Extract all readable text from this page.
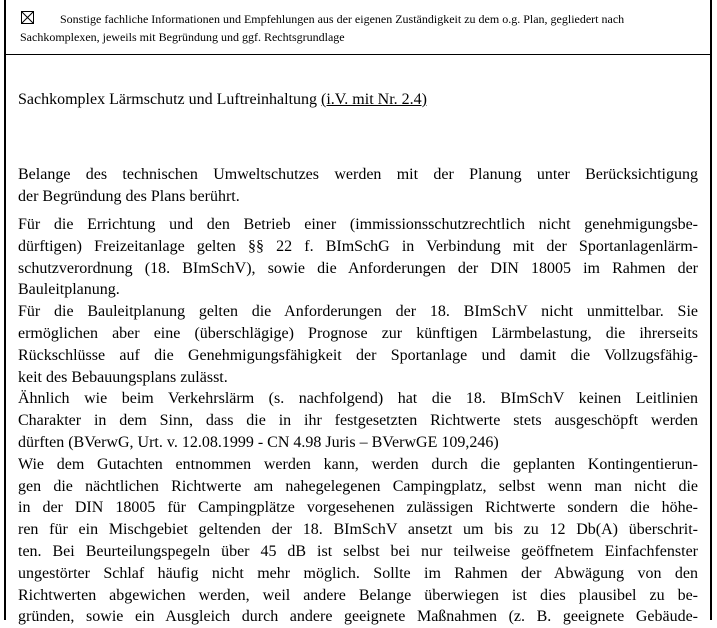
Sonstige fachliche Informationen und Empfehlungen aus der eigenen Zuständigkeit zu dem o.g. Plan, gegliedert nach
Sachkomplexen, jeweils mit Begründung und ggf. Rechtsgrundlage
Sachkomplex Lärmschutz und Luftreinhaltung (i.V. mit Nr. 2.4)
Belange des technischen Umweltschutzes werden mit der Planung unter Berücksichtigung
der Begründung des Plans berührt.
Für die Errichtung und den Betrieb einer (immissionsschutzrechtlich nicht genehmigungsbe-
dürftigen) Freizeitanlage gelten §§ 22 f. BImSchG in Verbindung mit der Sportanlagenlärm-
schutzverordnung (18. BImSchV), sowie die Anforderungen der DIN 18005 im Rahmen der
Bauleitplanung.
Für die Bauleitplanung gelten die Anforderungen der 18. BImSchV nicht unmittelbar. Sie
ermöglichen aber eine (überschlägige) Prognose zur künftigen Lärmbelastung, die ihrerseits
Rückschlüsse auf die Genehmigungsfähigkeit der Sportanlage und damit die Vollzugsfähig-
keit des Bebauungsplans zulässt.
Ähnlich wie beim Verkehrslärm (s. nachfolgend) hat die 18. BImSchV keinen Leitlinien
Charakter in dem Sinn, dass die in ihr festgesetzten Richtwerte stets ausgeschöpft werden
dürften (BVerwG, Urt. v. 12.08.1999 - CN 4.98 Juris – BVerwGE 109,246)
Wie dem Gutachten entnommen werden kann, werden durch die geplanten Kontingentierun-
gen die nächtlichen Richtwerte am nahegelegenen Campingplatz, selbst wenn man nicht die
in der DIN 18005 für Campingplätze vorgesehenen zulässigen Richtwerte sondern die höhe-
ren für ein Mischgebiet geltenden der 18. BImSchV ansetzt um bis zu 12 Db(A) überschrit-
ten. Bei Beurteilungspegeln über 45 dB ist selbst bei nur teilweise geöffnetem Einfachfenster
ungestörter Schlaf häufig nicht mehr möglich. Sollte im Rahmen der Abwägung von den
Richtwerten abgewichen werden, weil andere Belange überwiegen ist dies plausibel zu be-
gründen, sowie ein Ausgleich durch andere geeignete Maßnahmen (z. B. geeignete Gebäude-
